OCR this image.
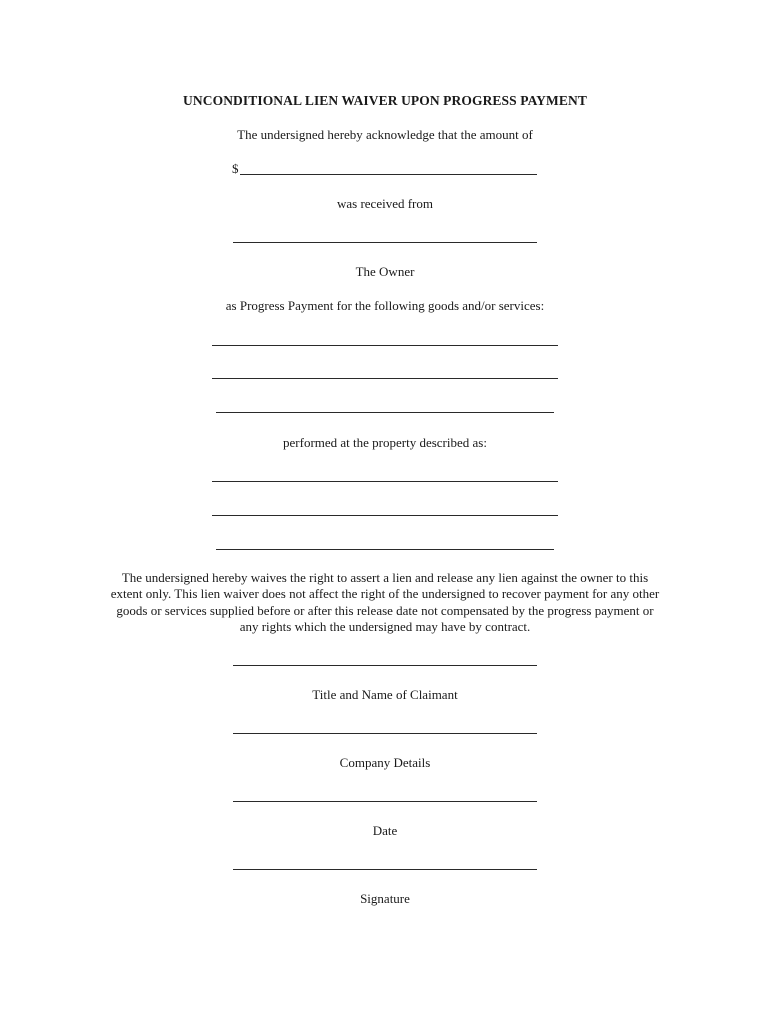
UNCONDITIONAL LIEN WAIVER UPON PROGRESS PAYMENT
The undersigned hereby acknowledge that the amount of
$
was received from
The Owner
as Progress Payment for the following goods and/or services:
performed at the property described as:
The undersigned hereby waives the right to assert a lien and release any lien against the owner to this extent only. This lien waiver does not affect the right of the undersigned to recover payment for any other goods or services supplied before or after this release date not compensated by the progress payment or any rights which the undersigned may have by contract.
Title and Name of Claimant
Company Details
Date
Signature
